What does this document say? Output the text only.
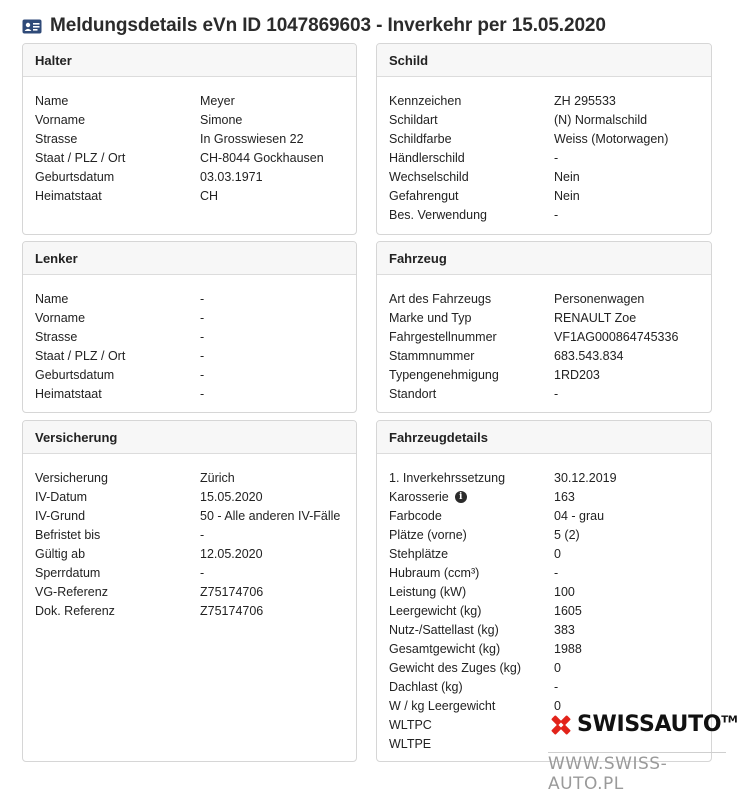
Meldungsdetails eVn ID 1047869603 - Inverkehr per 15.05.2020
Halter
Name	Meyer
Vorname	Simone
Strasse	In Grosswiesen 22
Staat / PLZ / Ort	CH-8044 Gockhausen
Geburtsdatum	03.03.1971
Heimatstaat	CH
Schild
Kennzeichen	ZH 295533
Schildart	(N) Normalschild
Schildfarbe	Weiss (Motorwagen)
Händlerschild	-
Wechselschild	Nein
Gefahrengut	Nein
Bes. Verwendung	-
Lenker
Name	-
Vorname	-
Strasse	-
Staat / PLZ / Ort	-
Geburtsdatum	-
Heimatstaat	-
Fahrzeug
Art des Fahrzeugs	Personenwagen
Marke und Typ	RENAULT Zoe
Fahrgestellnummer	VF1AG000864745336
Stammnummer	683.543.834
Typengenehmigung	1RD203
Standort	-
Versicherung
Versicherung	Zürich
IV-Datum	15.05.2020
IV-Grund	50 - Alle anderen IV-Fälle
Befristet bis	-
Gültig ab	12.05.2020
Sperrdatum	-
VG-Referenz	Z75174706
Dok. Referenz	Z75174706
Fahrzeugdetails
1. Inverkehrssetzung	30.12.2019
Karosserie	i	163
Farbcode	04 - grau
Plätze (vorne)	5 (2)
Stehplätze	0
Hubraum (ccm³)	-
Leistung (kW)	100
Leergewicht (kg)	1605
Nutz-/Sattellast (kg)	383
Gesamtgewicht (kg)	1988
Gewicht des Zuges (kg)	0
Dachlast (kg)	-
W / kg Leergewicht	0
WLTPC
WLTPE
SWISSAUTO™
WWW.SWISS-AUTO.PL
